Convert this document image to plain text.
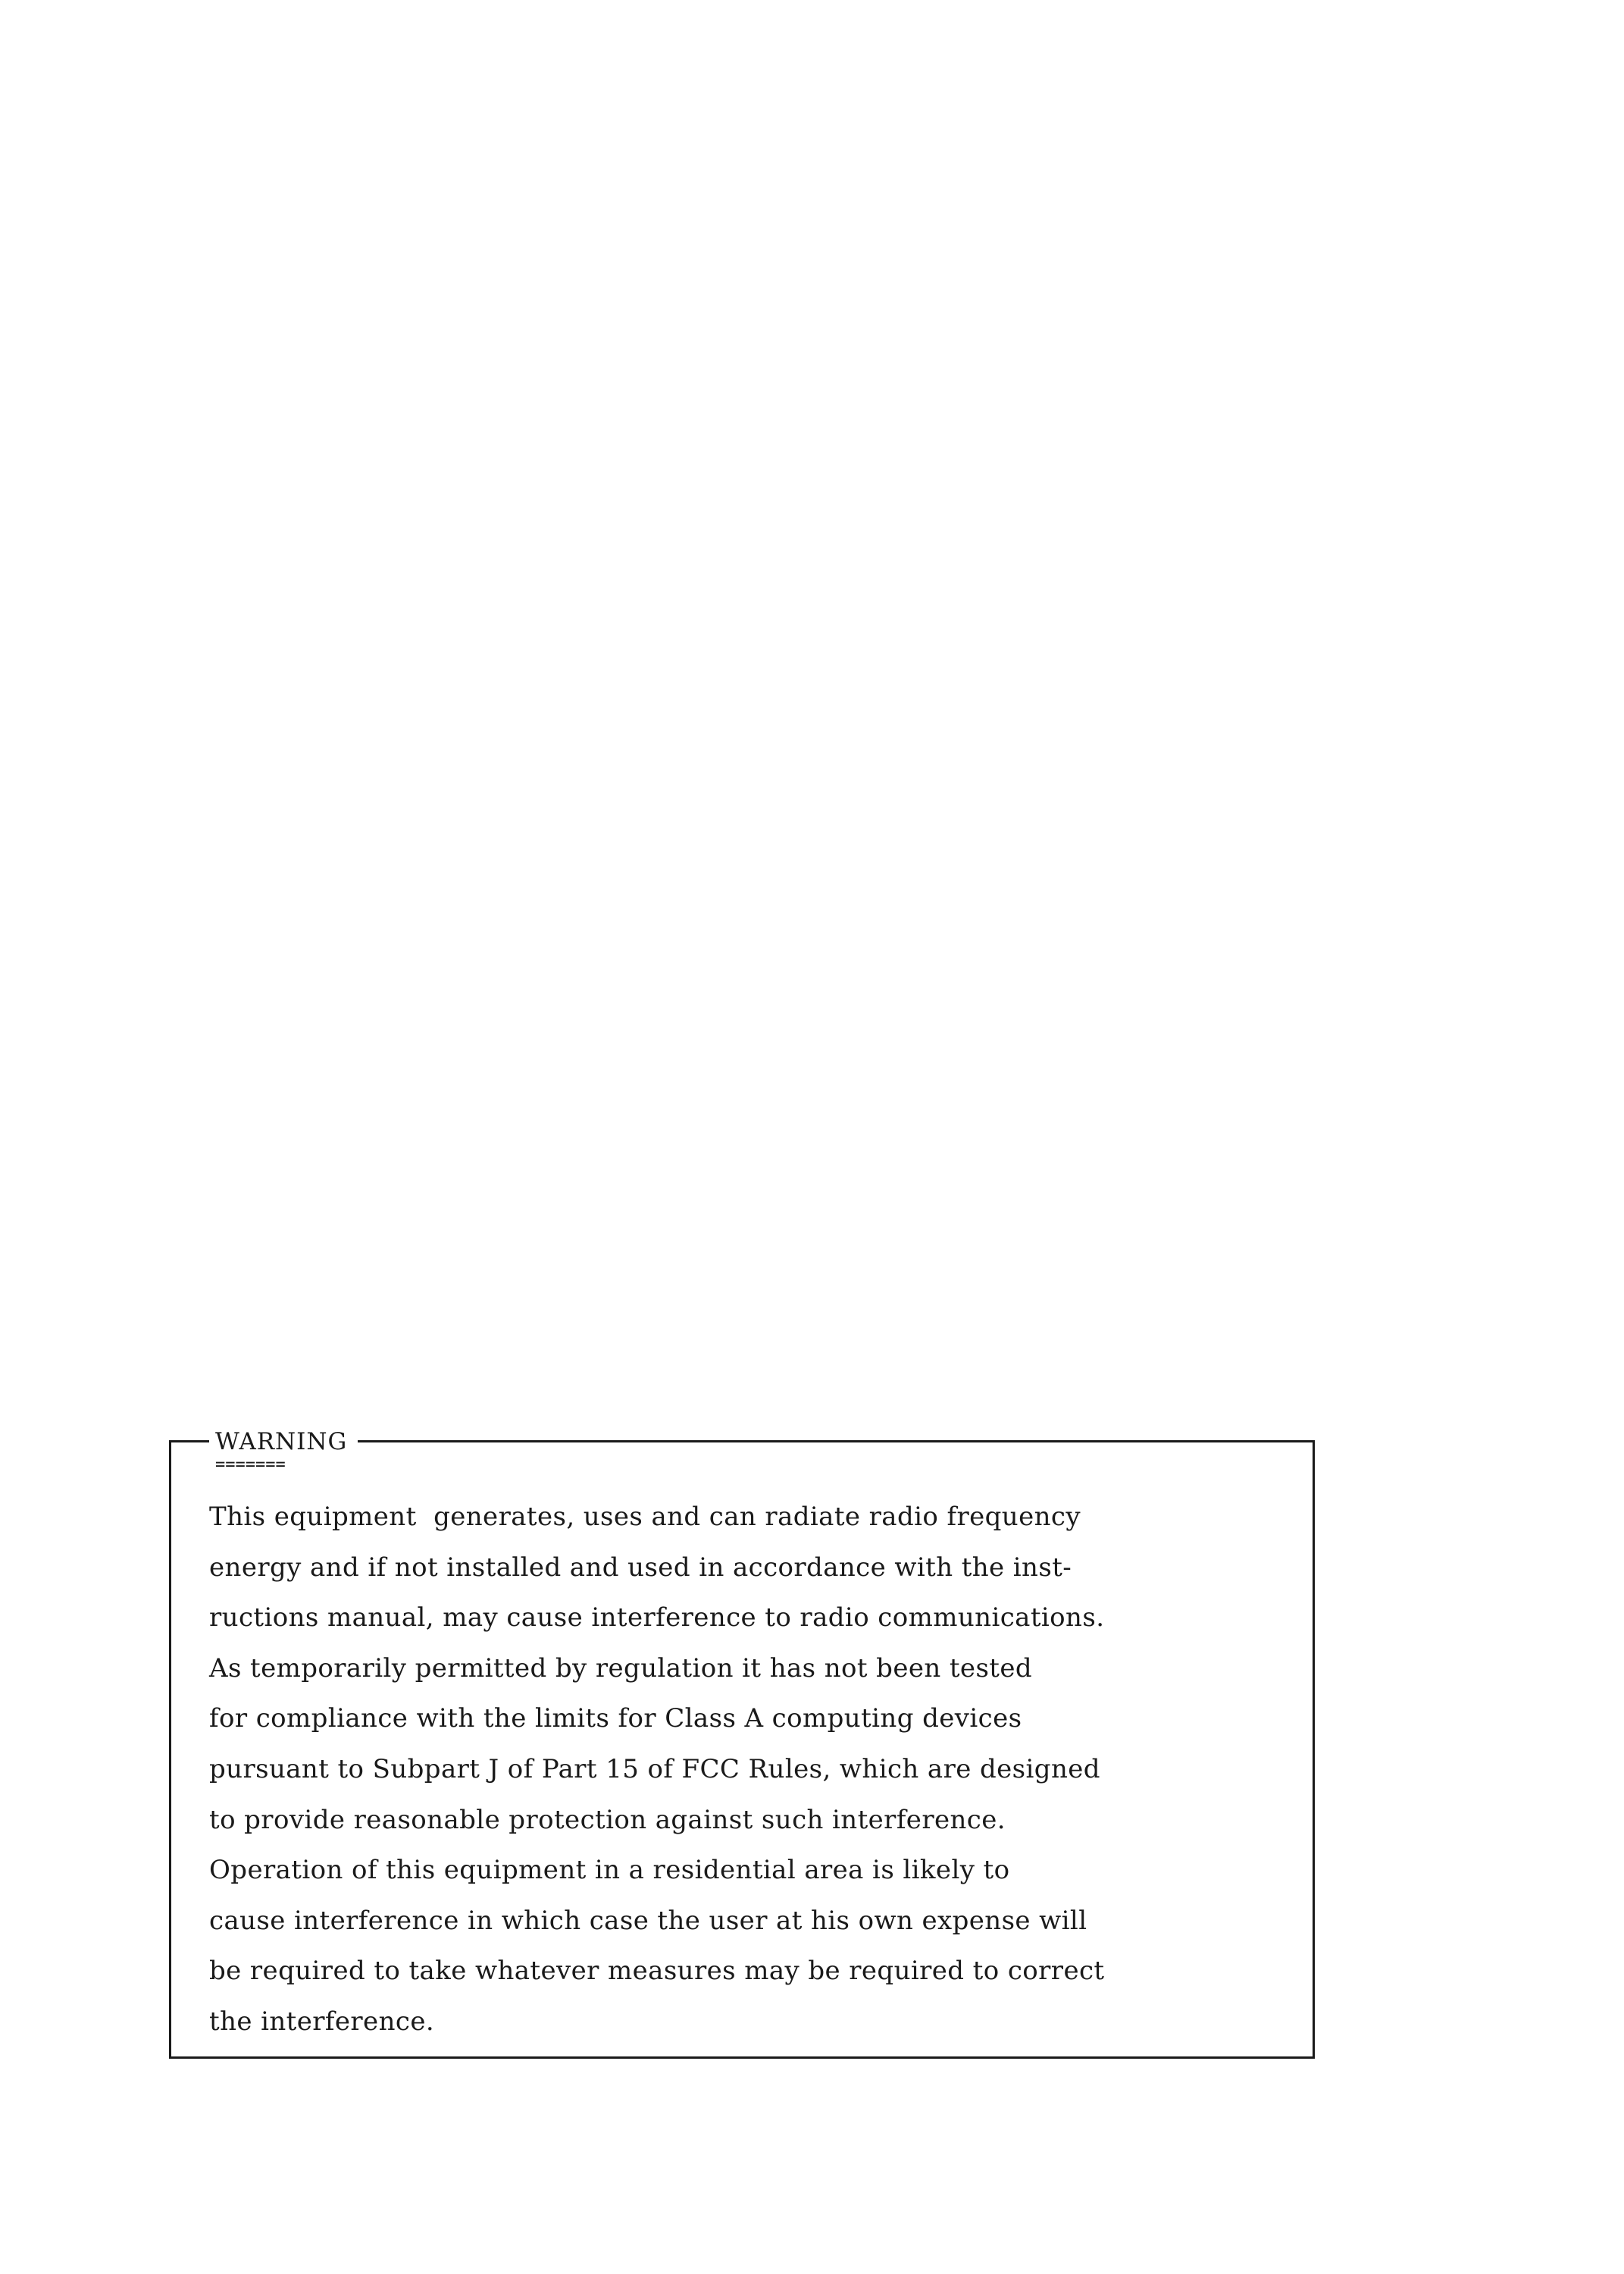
WARNING
=======
This equipment  generates, uses and can radiate radio frequency
energy and if not installed and used in accordance with the inst-
ructions manual, may cause interference to radio communications.
As temporarily permitted by regulation it has not been tested
for compliance with the limits for Class A computing devices
pursuant to Subpart J of Part 15 of FCC Rules, which are designed
to provide reasonable protection against such interference.
Operation of this equipment in a residential area is likely to
cause interference in which case the user at his own expense will
be required to take whatever measures may be required to correct
the interference.
